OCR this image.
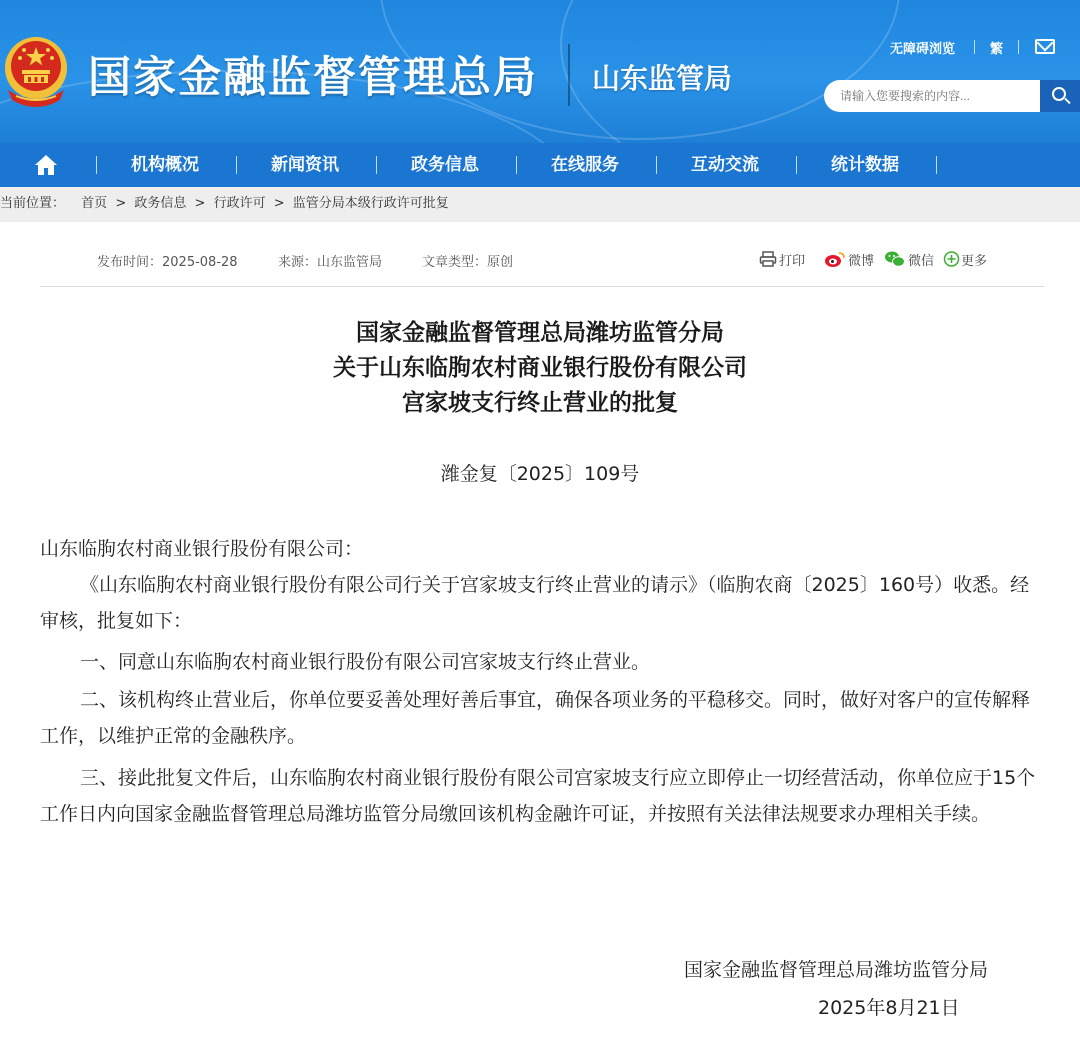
国家金融监督管理总局 山东监管局
无障碍浏览	繁
请输入您要搜索的内容...
机构概况	新闻资讯	政务信息	在线服务	互动交流	统计数据
当前位置： 首页 > 政务信息 > 行政许可 > 监管分局本级行政许可批复
发布时间：2025-08-28	来源：山东监管局	文章类型：原创	打印	微博	微信 更多
国家金融监督管理总局潍坊监管分局
关于山东临朐农村商业银行股份有限公司
宫家坡支行终止营业的批复
潍金复〔2025〕109号
山东临朐农村商业银行股份有限公司：
《山东临朐农村商业银行股份有限公司行关于宫家坡支行终止营业的请示》（临朐农商〔2025〕160号）收悉。经审核，批复如下：
一、同意山东临朐农村商业银行股份有限公司宫家坡支行终止营业。
二、该机构终止营业后，你单位要妥善处理好善后事宜，确保各项业务的平稳移交。同时，做好对客户的宣传解释工作，以维护正常的金融秩序。
三、接此批复文件后，山东临朐农村商业银行股份有限公司宫家坡支行应立即停止一切经营活动，你单位应于15个工作日内向国家金融监督管理总局潍坊监管分局缴回该机构金融许可证，并按照有关法律法规要求办理相关手续。
国家金融监督管理总局潍坊监管分局
2025年8月21日
